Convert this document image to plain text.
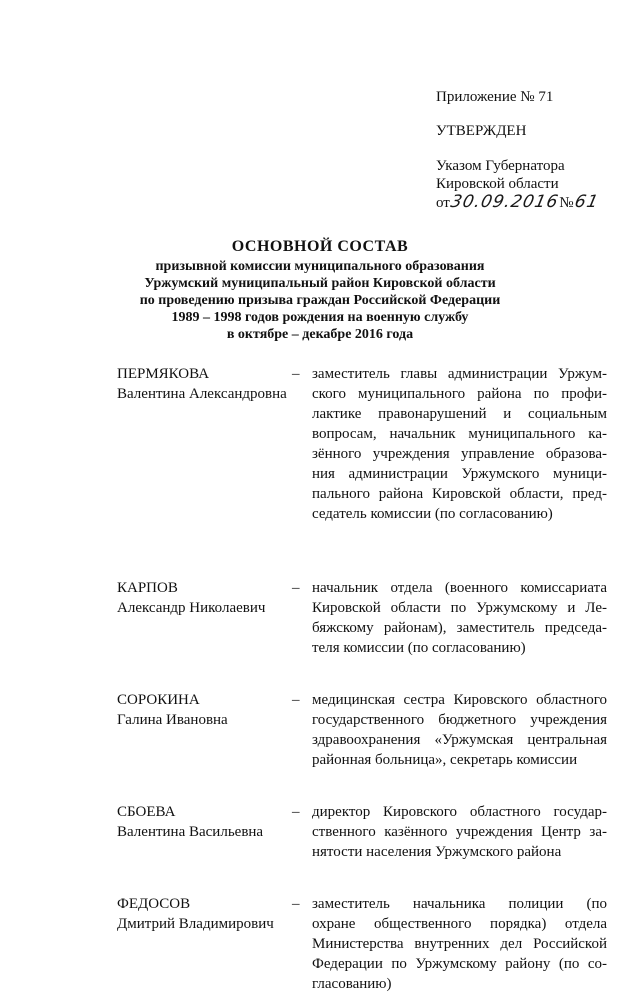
Приложение № 71
УТВЕРЖДЕН
Указом Губернатора
Кировской области
от
30.09.2016
№
61
ОСНОВНОЙ СОСТАВ
призывной комиссии муниципального образования
Уржумский муниципальный район Кировской области
по проведению призыва граждан Российской Федерации
1989 – 1998 годов рождения на военную службу
в октябре – декабре 2016 года
ПЕРМЯКОВА
Валентина Александровна
– заместитель главы администрации Уржум-
ского муниципального района по профи-
лактике правонарушений и социальным
вопросам, начальник муниципального ка-
зённого учреждения управление образова-
ния администрации Уржумского муници-
пального района Кировской области, пред-
седатель комиссии (по согласованию)
КАРПОВ
Александр Николаевич
– начальник отдела (военного комиссариата
Кировской области по Уржумскому и Ле-
бяжскому районам), заместитель председа-
теля комиссии (по согласованию)
СОРОКИНА
Галина Ивановна
– медицинская сестра Кировского областного
государственного бюджетного учреждения
здравоохранения «Уржумская центральная
районная больница», секретарь комиссии
СБОЕВА
Валентина Васильевна
– директор Кировского областного государ-
ственного казённого учреждения Центр за-
нятости населения Уржумского района
ФЕДОСОВ
Дмитрий Владимирович
– заместитель начальника полиции (по
охране общественного порядка) отдела
Министерства внутренних дел Российской
Федерации по Уржумскому району (по со-
гласованию)
